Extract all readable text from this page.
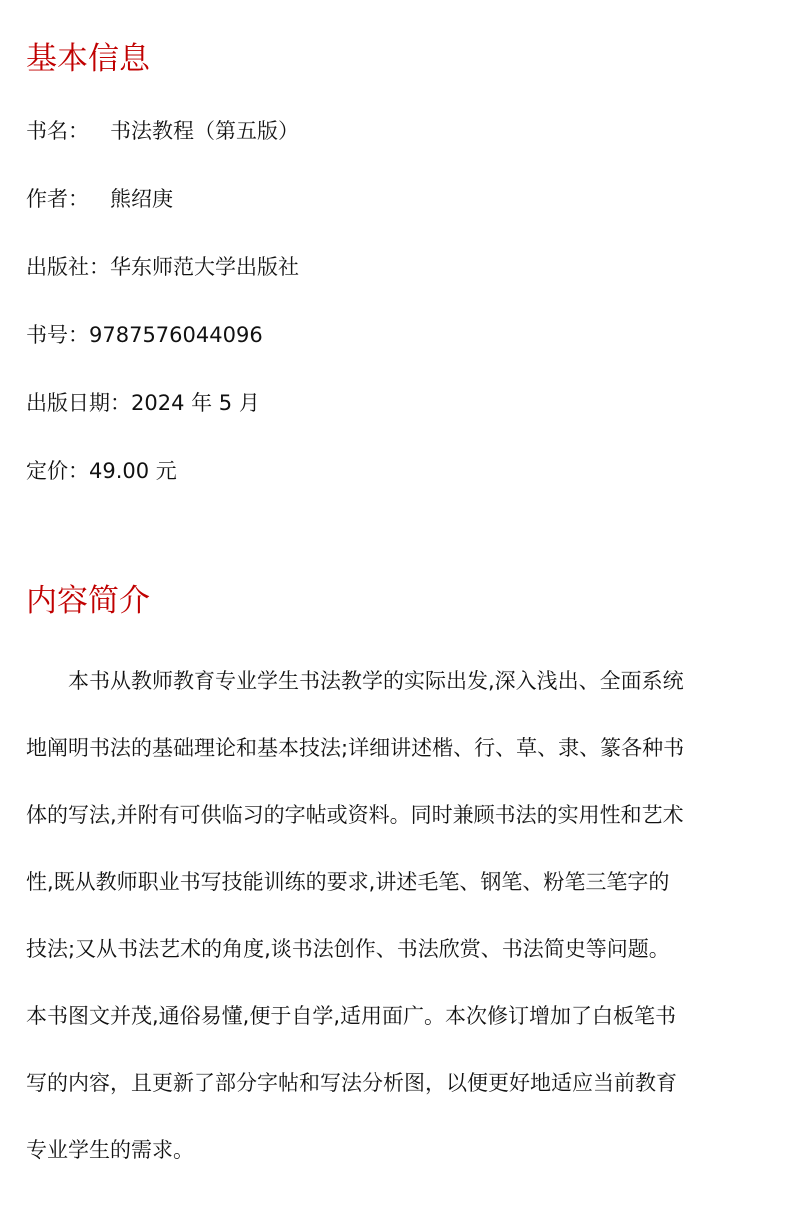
基本信息
书名： 书法教程（第五版）
作者： 熊绍庚
出版社：华东师范大学出版社
书号：9787576044096
出版日期：2024 年 5 月
定价：49.00 元
内容简介

本书从教师教育专业学生书法教学的实际出发,深入浅出、全面系统
地阐明书法的基础理论和基本技法;详细讲述楷、行、草、隶、篆各种书
体的写法,并附有可供临习的字帖或资料。同时兼顾书法的实用性和艺术
性,既从教师职业书写技能训练的要求,讲述毛笔、钢笔、粉笔三笔字的
技法;又从书法艺术的角度,谈书法创作、书法欣赏、书法简史等问题。
本书图文并茂,通俗易懂,便于自学,适用面广。本次修订增加了白板笔书
写的内容，且更新了部分字帖和写法分析图，以便更好地适应当前教育
专业学生的需求。
